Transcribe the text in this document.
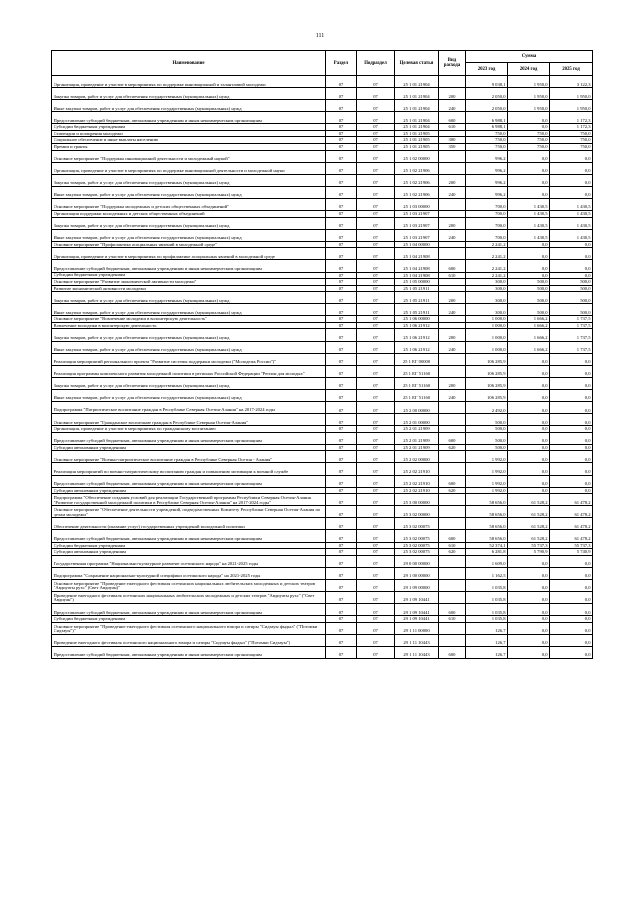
111
Наименование	Раздел	Подраздел	Целевая статья	Вид расхода	Сумма		
					2023 год	2024 год	2025 год

Организация, проведение и участие в мероприятиях по поддержке инновационной и талантливой молодежи	07	07	25 1 01 21904		9 038,1	1 950,0	3 122,3

Закупка товаров, работ и услуг для обеспечения государственных (муниципальных) нужд	07	07	25 1 01 21904	200	2 050,0	1 950,0	1 950,0

Иные закупки товаров, работ и услуг для обеспечения государственных (муниципальных) нужд	07	07	25 1 01 21904	240	2 050,0	1 950,0	1 950,0

Предоставление субсидий бюджетным, автономным учреждениям и иным некоммерческим организациям	07	07	25 1 01 21904	600	6 988,1	0,0	1 172,3

Субсидии бюджетным учреждениям	07	07	25 1 01 21904	610	6 988,1	0,0	1 172,3

Стипендии и поощрения молодежи	07	07	25 1 01 21905		750,0	750,0	750,0

Социальное обеспечение и иные выплаты населению	07	07	25 1 01 21905	300	750,0	750,0	750,0

Премии и гранты	07	07	25 1 01 21905	350	750,0	750,0	750,0

Основное мероприятие "Поддержка инновационной деятельности и молодежный наукой"	07	07	25 1 02 00000		996,2	0,0	0,0

Организация, проведение и участие в мероприятиях по поддержке инновационной деятельности и молодежной науки	07	07	25 1 02 21906		996,2	0,0	0,0

Закупка товаров, работ и услуг для обеспечения государственных (муниципальных) нужд	07	07	25 1 02 21906	200	996,2	0,0	0,0

Иные закупки товаров, работ и услуг для обеспечения государственных (муниципальных) нужд	07	07	25 1 02 21906	240	996,2	0,0	0,0

Основное мероприятие "Поддержка молодежных и детских общественных объединений"	07	07	25 1 03 00000		700,0	1 430,5	1 430,5

Организация поддержки молодежных и детских общественных объединений	07	07	25 1 03 21907		700,0	1 430,5	1 430,5

Закупка товаров, работ и услуг для обеспечения государственных (муниципальных) нужд	07	07	25 1 03 21907	200	700,0	1 430,5	1 430,5

Иные закупки товаров, работ и услуг для обеспечения государственных (муниципальных) нужд	07	07	25 1 03 21907	240	700,0	1 430,5	1 430,5

Основное мероприятие "Профилактика асоциальных явлений в молодежной среде"	07	07	25 1 04 00000		2 241,2	0,0	0,0

Организация, проведение и участие в мероприятиях по профилактике асоциальных явлений в молодежной среде	07	07	25 1 04 21908		2 241,2	0,0	0,0

Предоставление субсидий бюджетным, автономным учреждениям и иным некоммерческим организациям	07	07	25 1 04 21908	600	2 241,2	0,0	0,0

Субсидии бюджетным учреждениям	07	07	25 1 04 21908	610	2 241,2	0,0	0,0

Основное мероприятие "Развитие экономической активности молодежи"	07	07	25 1 05 00000		300,0	500,0	500,0

Развитие экономической активности молодежи	07	07	25 1 05 21911		300,0	500,0	500,0

Закупка товаров, работ и услуг для обеспечения государственных (муниципальных) нужд	07	07	25 1 05 21911	200	300,0	500,0	500,0

Иные закупки товаров, работ и услуг для обеспечения государственных (муниципальных) нужд	07	07	25 1 05 21911	240	300,0	500,0	500,0

Основное мероприятие "Вовлечение молодежи в волонтерскую деятельность"	07	07	25 1 06 00000		1 000,0	1 666,2	1 737,5

Вовлечение молодежи в волонтерскую деятельность	07	07	25 1 06 21912		1 000,0	1 666,2	1 737,5

Закупка товаров, работ и услуг для обеспечения государственных (муниципальных) нужд	07	07	25 1 06 21912	200	1 000,0	1 666,2	1 737,5

Иные закупки товаров, работ и услуг для обеспечения государственных (муниципальных) нужд	07	07	25 1 06 21912	240	1 000,0	1 666,2	1 737,5

Реализация мероприятий регионального проекта "Развитие системы поддержки молодежи ("Молодежь России")"	07	07	25 1 ЕГ 00000		106 285,9	0,0	0,0

Реализация программы комплексного развития молодежной политики в регионах Российской Федерации "Регион для молодых"	07	07	25 1 ЕГ 51160		106 285,9	0,0	0,0

Закупка товаров, работ и услуг для обеспечения государственных (муниципальных) нужд	07	07	25 1 ЕГ 51160	200	106 285,9	0,0	0,0

Иные закупки товаров, работ и услуг для обеспечения государственных (муниципальных) нужд	07	07	25 1 ЕГ 51160	240	106 285,9	0,0	0,0

Подпрограмма "Патриотическое воспитание граждан в Республике Северная Осетия-Алания" на 2017-2024 годы	07	07	25 2 00 00000		2 492,0	0,0	0,0

Основное мероприятие "Гражданское воспитание граждан в Республике Северная Осетия-Алания"	07	07	25 2 01 00000		500,0	0,0	0,0

Организация, проведение и участие в мероприятиях по гражданскому воспитанию	07	07	25 2 01 21909		500,0	0,0	0,0

Предоставление субсидий бюджетным, автономным учреждениям и иным некоммерческим организациям	07	07	25 2 01 21909	600	500,0	0,0	0,0

Субсидии автономным учреждениям	07	07	25 2 01 21909	620	500,0	0,0	0,0

Основное мероприятие "Военно-патриотическое воспитание граждан в Республике Северная Осетия - Алания"	07	07	25 2 02 00000		1 992,0	0,0	0,0

Реализация мероприятий по военно-патриотическому воспитанию граждан и повышению мотивации к военной службе	07	07	25 2 02 21910		1 992,0	0,0	0,0

Предоставление субсидий бюджетным, автономным учреждениям и иным некоммерческим организациям	07	07	25 2 02 21910	600	1 992,0	0,0	0,0

Субсидии автономным учреждениям	07	07	25 2 02 21910	620	1 992,0	0,0	0,0

Подпрограмма "Обеспечение создания условий для реализации Государственной программы Республики Северная Осетия-Алания "Развитие государственной молодежной политики в Республике Северная Осетия-Алания" на 2017-2024 годы"	07	07	25 3 00 00000		58 656,0	61 528,2	61 478,2

Основное мероприятие "Обеспечение деятельности учреждений, подведомственных Комитету Республики Северная Осетия-Алания по делам молодежи"	07	07	25 3 02 00000		58 656,0	61 528,2	61 478,2

Обеспечение деятельности (оказание услуг) государственных учреждений молодежной политики	07	07	25 3 02 00075		58 656,0	61 528,2	61 478,2

Предоставление субсидий бюджетным, автономным учреждениям и иным некоммерческим организациям	07	07	25 3 02 00075	600	58 656,0	61 528,2	61 478,2

Субсидии бюджетным учреждениям	07	07	25 3 02 00075	610	52 374,1	55 737,3	55 737,3

Субсидии автономным учреждениям	07	07	25 3 02 00075	620	6 281,8	5 790,9	5 740,9

Государственная программа "Национально-культурное развитие осетинского народа" на 2021-2025 годы	07	07	29 0 00 00000		1 609,0	0,0	0,0

Подпрограмма "Сохранение национально-культурной специфики осетинского народа" на 2021-2025 годы	07	07	29 1 00 00000		1 162,5	0,0	0,0

Основное мероприятие "Проведение ежегодного фестиваля осетинских национальных любительских молодежных и детских театров "Авдиуаты рухс" (Свет Авдиуан)"	07	07	29 1 09 00000		1 035,8	0,0	0,0

Проведение ежегодного фестиваля осетинских национальных любительских молодежных и детских театров "Авдиуаты рухс" ("Свет Авдиуан")	07	07	29 1 09 10441		1 035,8	0,0	0,0

Предоставление субсидий бюджетным, автономным учреждениям и иным некоммерческим организациям	07	07	29 1 09 10441	600	1 035,8	0,0	0,0

Субсидии бюджетным учреждениям	07	07	29 1 09 10441	610	1 035,8	0,0	0,0

Основное мероприятие "Проведение ежегодного фестиваля осетинского национального юмора и сатиры "Сидзауы фыдыл" ("Потомки Сидзауы")"	07	07	29 1 11 00000		126,7	0,0	0,0

Проведение ежегодного фестиваля осетинского национального юмора и сатиры "Сидзауы фыдыл" ("Потомки Сидзауы")	07	07	29 1 11 10443		126,7	0,0	0,0

Предоставление субсидий бюджетным, автономным учреждениям и иным некоммерческим организациям	07	07	29 1 11 10443	600	126,7	0,0	0,0
